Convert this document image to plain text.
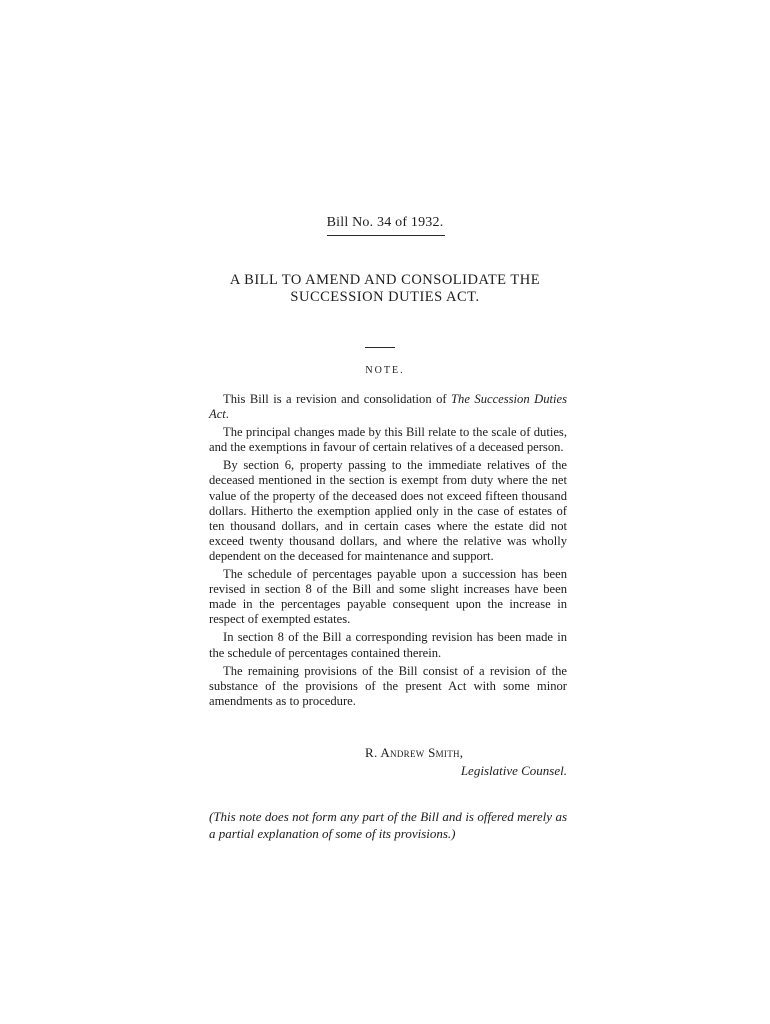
Bill No. 34 of 1932.
A BILL TO AMEND AND CONSOLIDATE THE
SUCCESSION DUTIES ACT.
NOTE.

This Bill is a revision and consolidation of The Succession Duties Act.

The principal changes made by this Bill relate to the scale of duties, and the exemptions in favour of certain relatives of a deceased person.

By section 6, property passing to the immediate relatives of the deceased mentioned in the section is exempt from duty where the net value of the property of the deceased does not exceed fifteen thousand dollars. Hitherto the exemption applied only in the case of estates of ten thousand dollars, and in certain cases where the estate did not exceed twenty thousand dollars, and where the relative was wholly dependent on the deceased for maintenance and support.

The schedule of percentages payable upon a succession has been revised in section 8 of the Bill and some slight increases have been made in the percentages payable consequent upon the increase in respect of exempted estates.

In section 8 of the Bill a corresponding revision has been made in the schedule of percentages contained therein.

The remaining provisions of the Bill consist of a revision of the substance of the provisions of the present Act with some minor amendments as to procedure.

R. Andrew Smith,
Legislative Counsel.
(This note does not form any part of the Bill and is offered merely as a partial explanation of some of its provisions.)
